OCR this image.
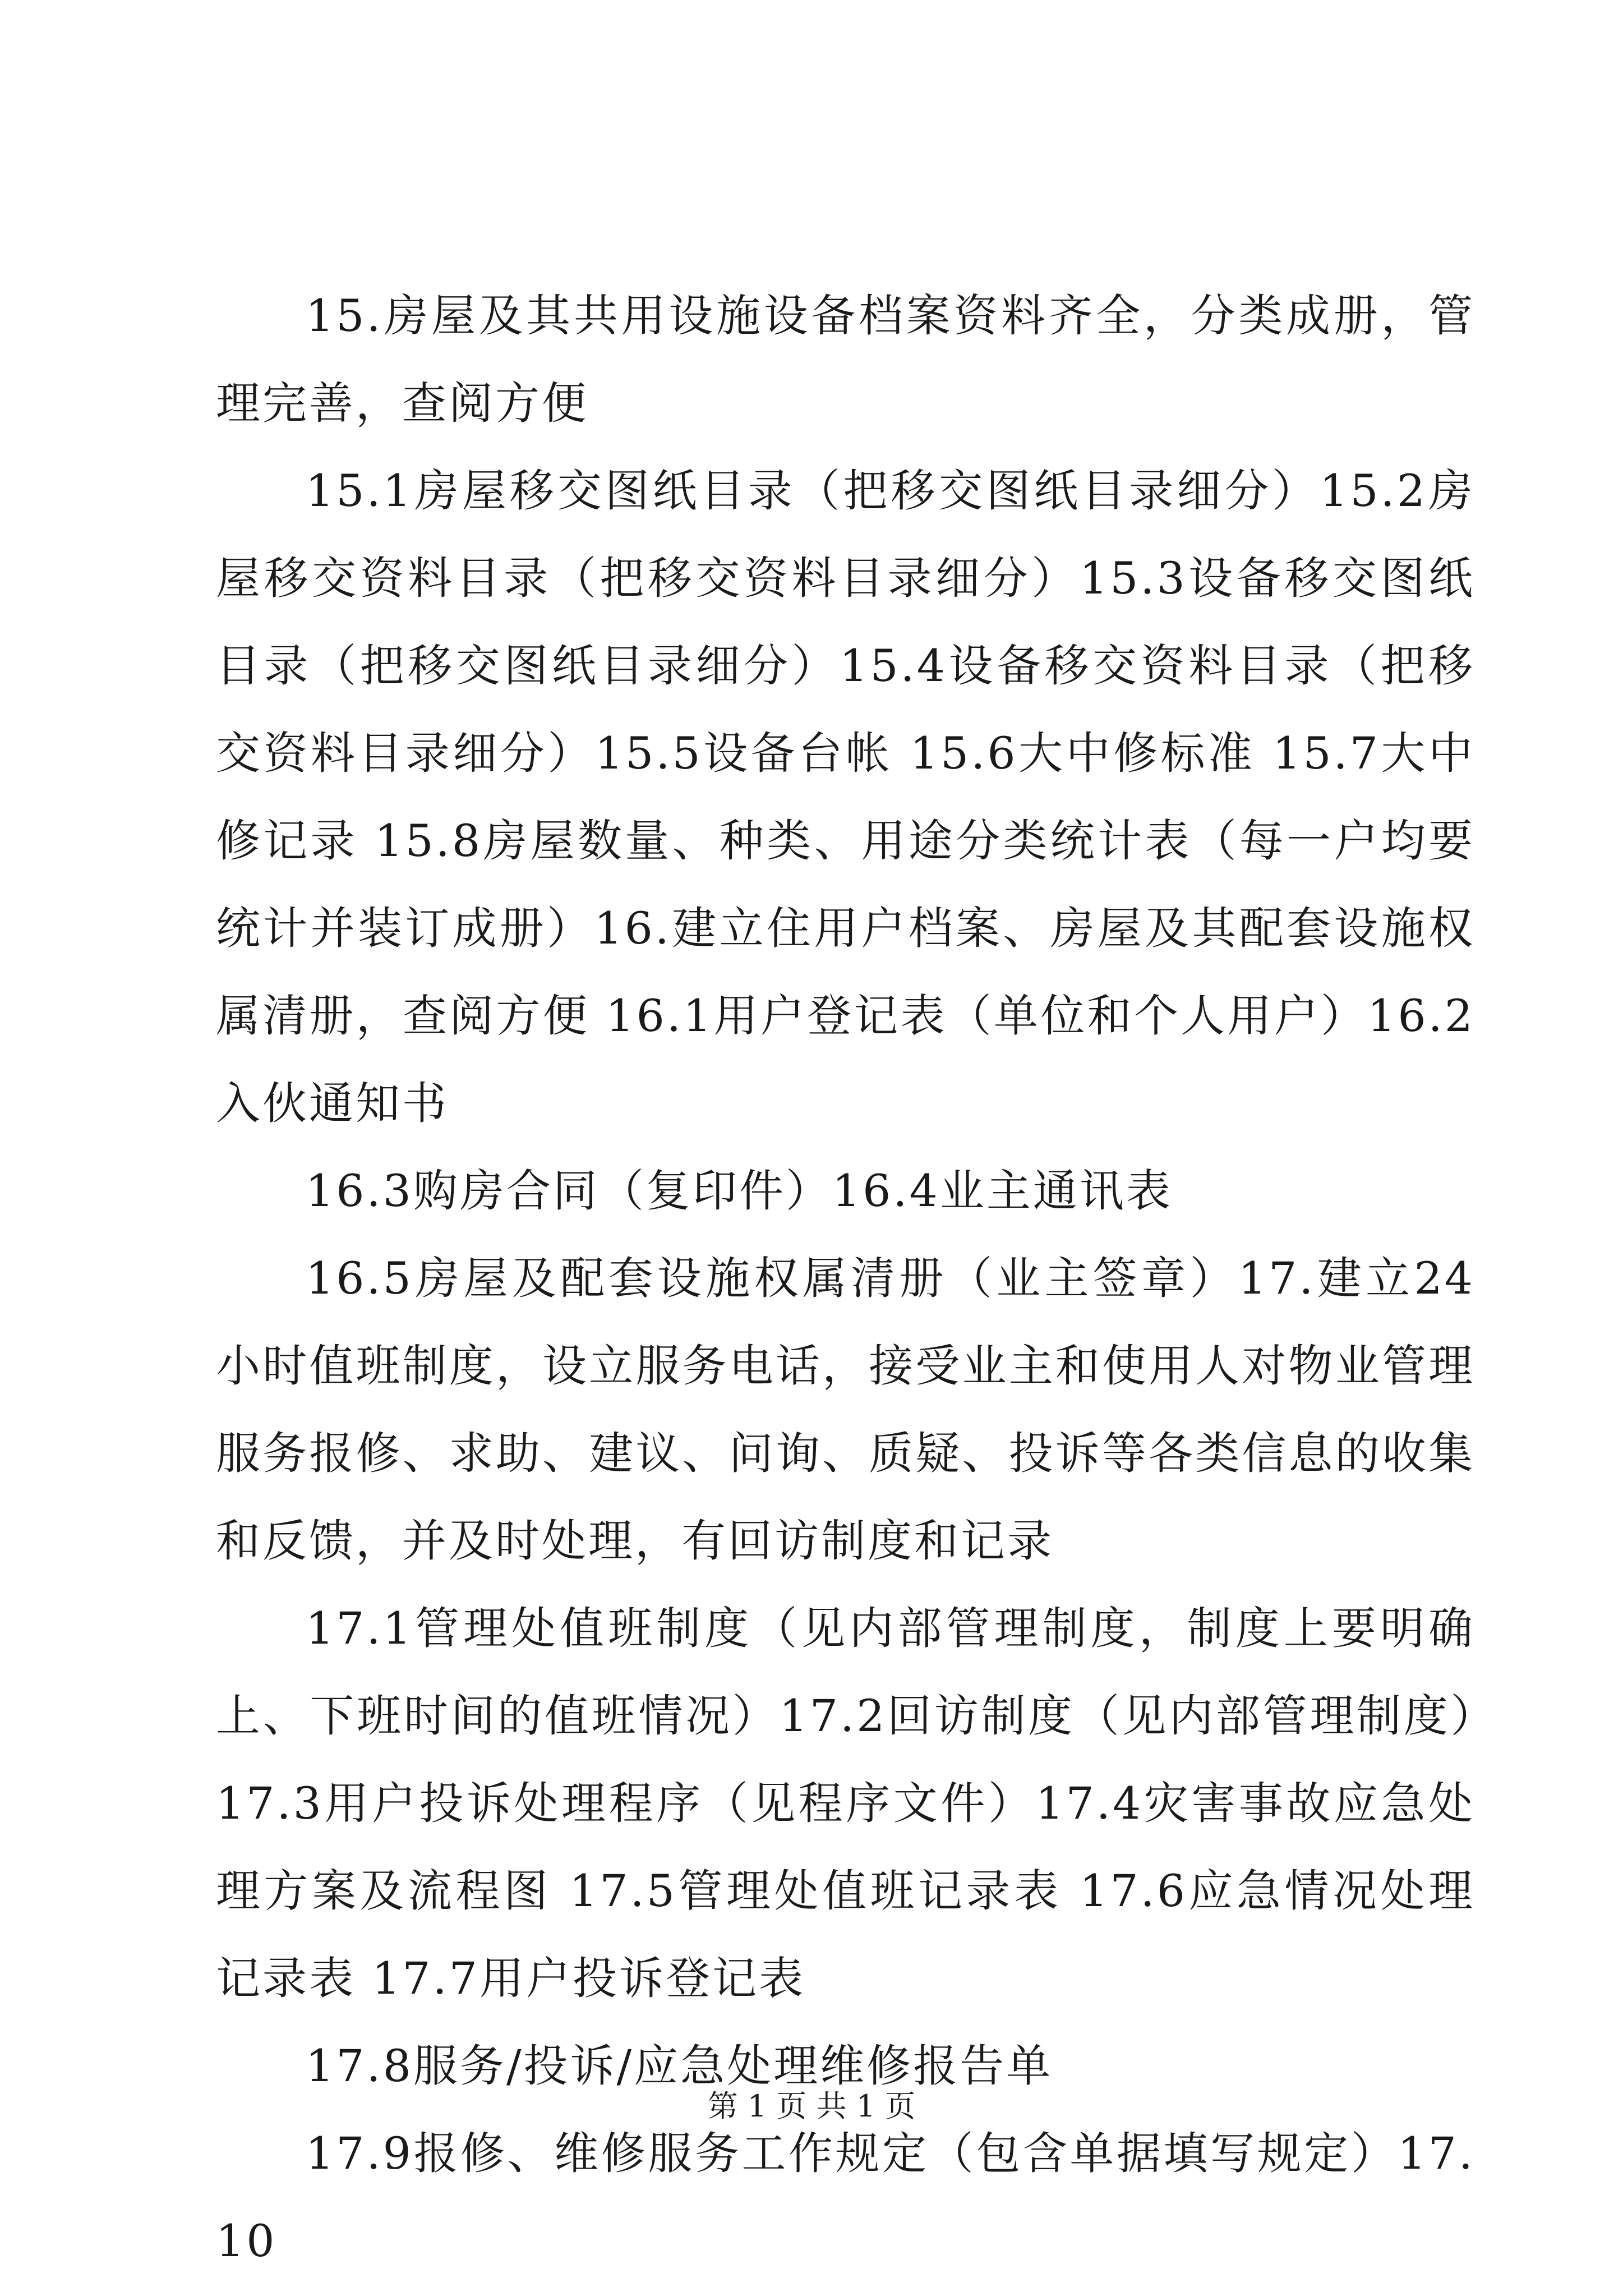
15.房屋及其共用设施设备档案资料齐全，分类成册，管理完善，查阅方便

15.1房屋移交图纸目录（把移交图纸目录细分）15.2房屋移交资料目录（把移交资料目录细分）15.3设备移交图纸目录（把移交图纸目录细分）15.4设备移交资料目录（把移交资料目录细分）15.5设备台帐 15.6大中修标准 15.7大中修记录 15.8房屋数量、种类、用途分类统计表（每一户均要统计并装订成册）16.建立住用户档案、房屋及其配套设施权属清册，查阅方便 16.1用户登记表（单位和个人用户）16.2入伙通知书

16.3购房合同（复印件）16.4业主通讯表

16.5房屋及配套设施权属清册（业主签章）17.建立24小时值班制度，设立服务电话，接受业主和使用人对物业管理服务报修、求助、建议、问询、质疑、投诉等各类信息的收集和反馈，并及时处理，有回访制度和记录

17.1管理处值班制度（见内部管理制度，制度上要明确上、下班时间的值班情况）17.2回访制度（见内部管理制度）17.3用户投诉处理程序（见程序文件）17.4灾害事故应急处理方案及流程图 17.5管理处值班记录表 17.6应急情况处理记录表 17.7用户投诉登记表

17.8服务/投诉/应急处理维修报告单

17.9报修、维修服务工作规定（包含单据填写规定）17.10

第 1 页 共 1 页
